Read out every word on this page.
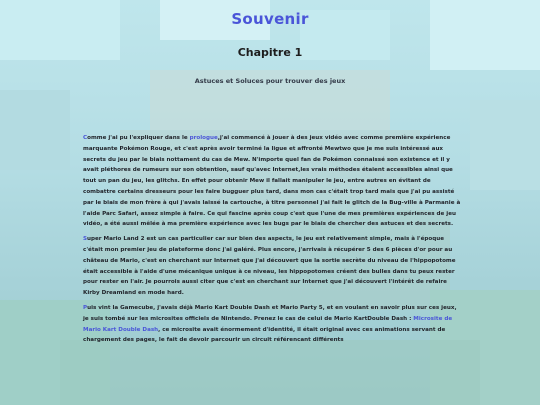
Souvenir
Chapitre 1
Astuces et Soluces pour trouver des jeux

Comme j'ai pu l'expliquer dans le prologue,j'ai commencé à jouer à des jeux vidéo avec comme première expérience marquante Pokémon Rouge, et c'est après avoir terminé la ligue et affronté Mewtwo que je me suis intéressé aux secrets du jeu par le biais nottament du cas de Mew. N'importe quel fan de Pokémon connaissé son existence et il y avait pléthores de rumeurs sur son obtention, sauf qu'avec Internet,les vrais méthodes étaient accessibles ainsi que tout un pan du jeu, les glitchs. En effet pour obtenir Mew il fallait manipuler le jeu, entre autres en évitant de combattre certains dresseurs pour les faire bugguer plus tard, dans mon cas c'était trop tard mais que j'ai pu assisté par le biais de mon frère à qui j'avais laissé la cartouche, à titre personnel j'ai fait le glitch de la Bug-ville à Parmanie à l'aide Parc Safari, assez simple à faire. Ce qui fascine après coup c'est que l'une de mes premières expériences de jeu vidéo, a été aussi mêlée à ma première expérience avec les bugs par le biais de chercher des astuces et des secrets.

Super Mario Land 2 est un cas particulier car sur bien des aspects, le jeu est relativement simple, mais à l'époque c'était mon premier jeu de plateforme donc j'ai galéré. Plus encore, j'arrivais à récupérer 5 des 6 pièces d'or pour au château de Mario, c'est en cherchant sur Internet que j'ai découvert que la sortie secrète du niveau de l'hippopotome était accessible à l'aide d'une mécanique unique à ce niveau, les hippopotomes créent des bulles dans tu peux rester pour rester en l'air. Je pourrois aussi citer que c'est en cherchant sur Internet que j'ai découvert l'intérêt de refaire Kirby Dreamland en mode hard.

Puis vint la Gamecube, j'avais déjà Mario Kart Double Dash et Mario Party 5, et en voulant en savoir plus sur ces jeux, je suis tombé sur les microsites officiels de Nintendo. Prenez le cas de celui de Mario KartDouble Dash : Microsite de Mario Kart Double Dash, ce microsite avait énormement d'identité, il était original avec ces animations servant de chargement des pages, le fait de devoir parcourir un circuit référencant différents
